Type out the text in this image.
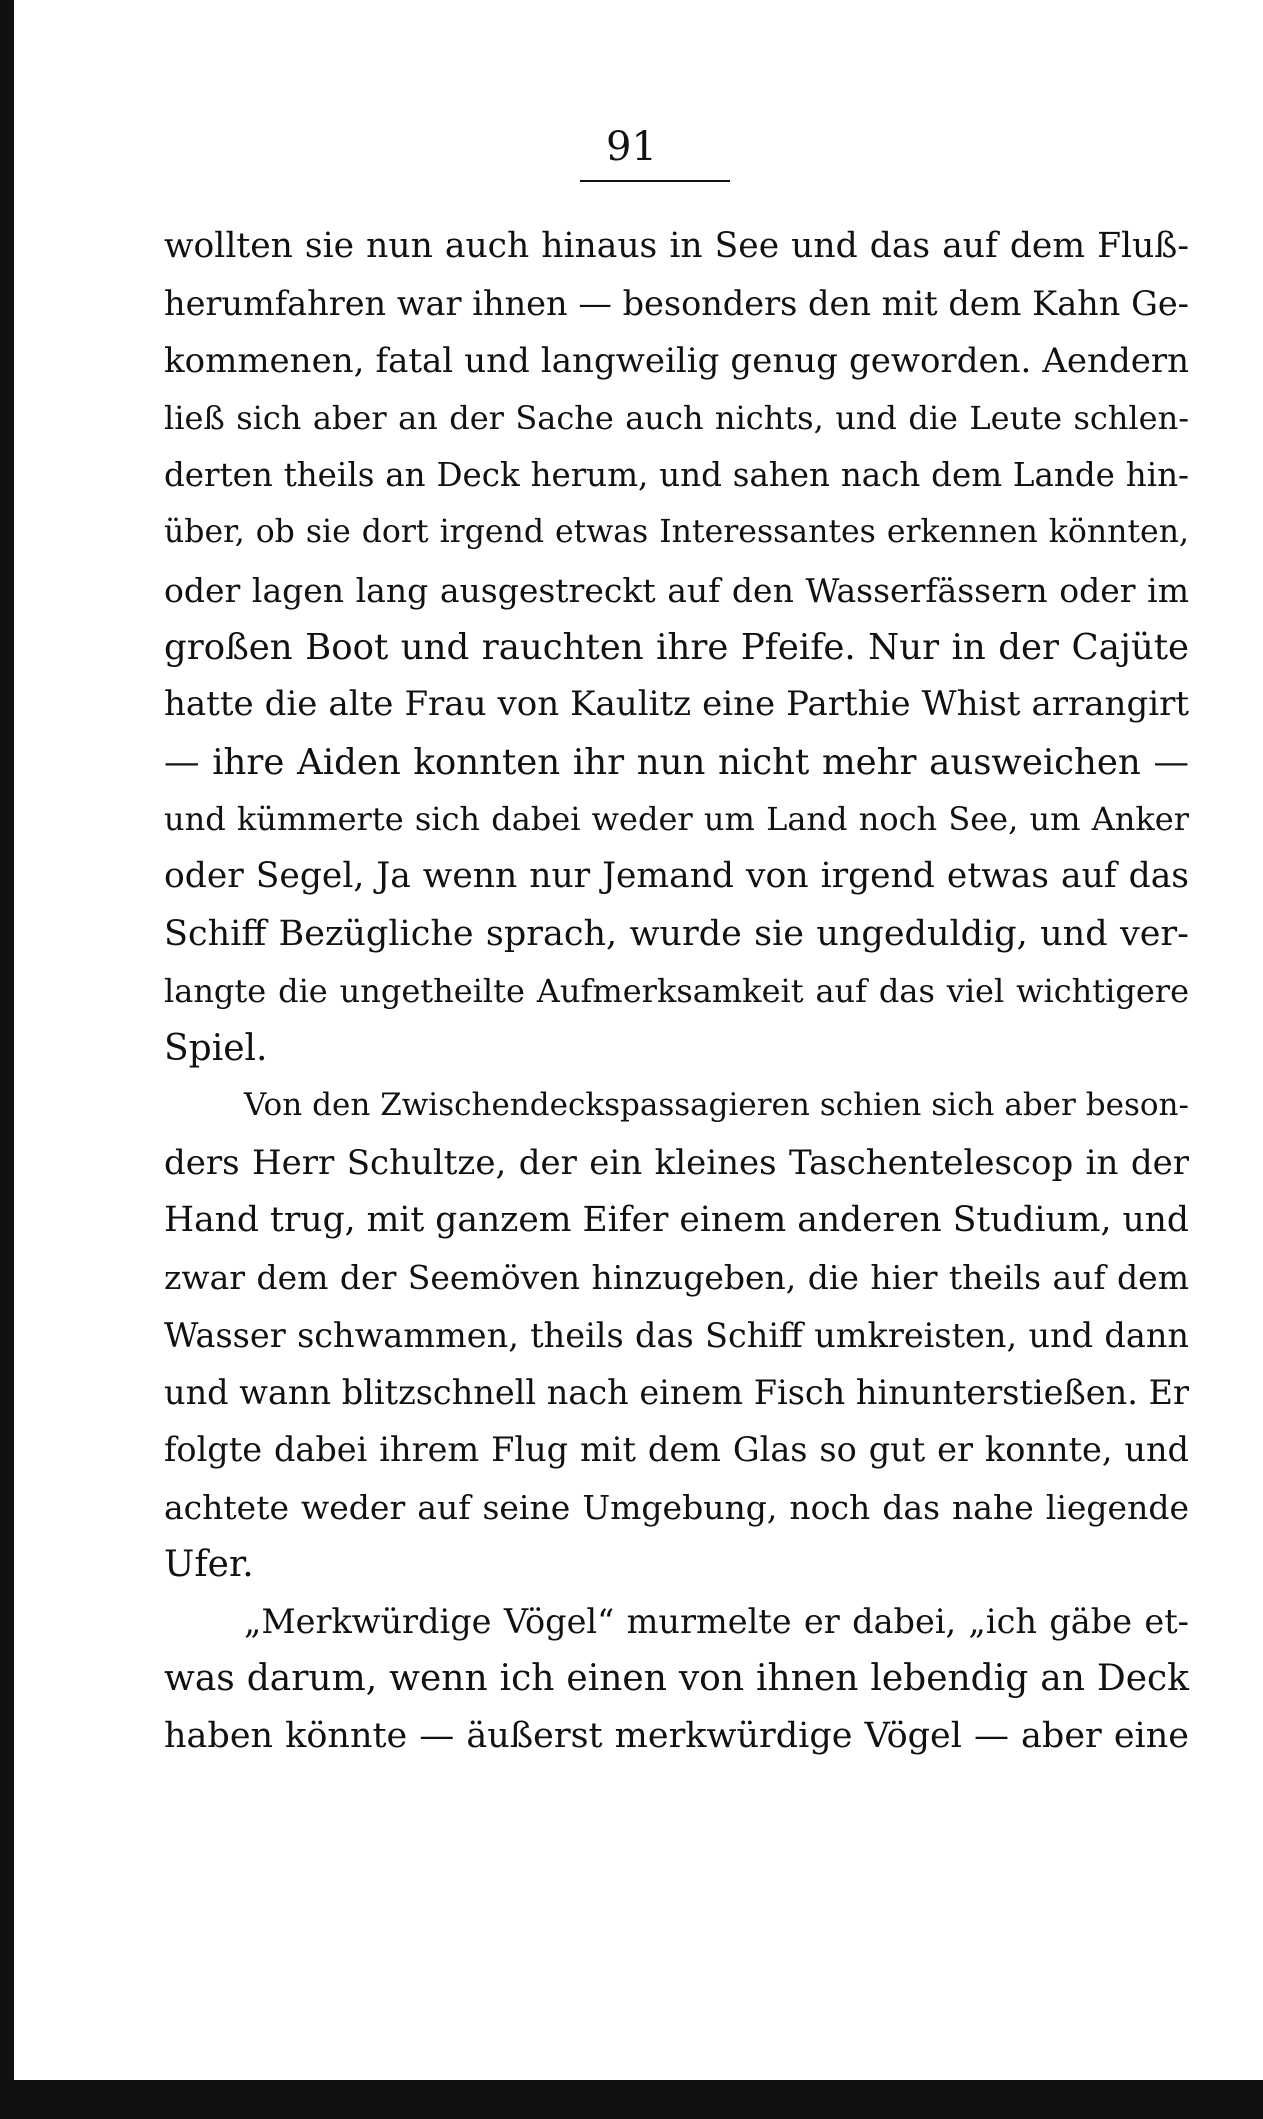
91
wollten sie nun auch hinaus in See und das auf dem Fluß-
herumfahren war ihnen — besonders den mit dem Kahn Ge-
kommenen, fatal und langweilig genug geworden. Aendern
ließ sich aber an der Sache auch nichts, und die Leute schlen-
derten theils an Deck herum, und sahen nach dem Lande hin-
über, ob sie dort irgend etwas Interessantes erkennen könnten,
oder lagen lang ausgestreckt auf den Wasserfässern oder im
großen Boot und rauchten ihre Pfeife. Nur in der Cajüte
hatte die alte Frau von Kaulitz eine Parthie Whist arrangirt
— ihre Aiden konnten ihr nun nicht mehr ausweichen —
und kümmerte sich dabei weder um Land noch See, um Anker
oder Segel, Ja wenn nur Jemand von irgend etwas auf das
Schiff Bezügliche sprach, wurde sie ungeduldig, und ver-
langte die ungetheilte Aufmerksamkeit auf das viel wichtigere
Spiel.
Von den Zwischendeckspassagieren schien sich aber beson-
ders Herr Schultze, der ein kleines Taschentelescop in der
Hand trug, mit ganzem Eifer einem anderen Studium, und
zwar dem der Seemöven hinzugeben, die hier theils auf dem
Wasser schwammen, theils das Schiff umkreisten, und dann
und wann blitzschnell nach einem Fisch hinunterstießen. Er
folgte dabei ihrem Flug mit dem Glas so gut er konnte, und
achtete weder auf seine Umgebung, noch das nahe liegende
Ufer.
„Merkwürdige Vögel“ murmelte er dabei, „ich gäbe et-
was darum, wenn ich einen von ihnen lebendig an Deck
haben könnte — äußerst merkwürdige Vögel — aber eine
